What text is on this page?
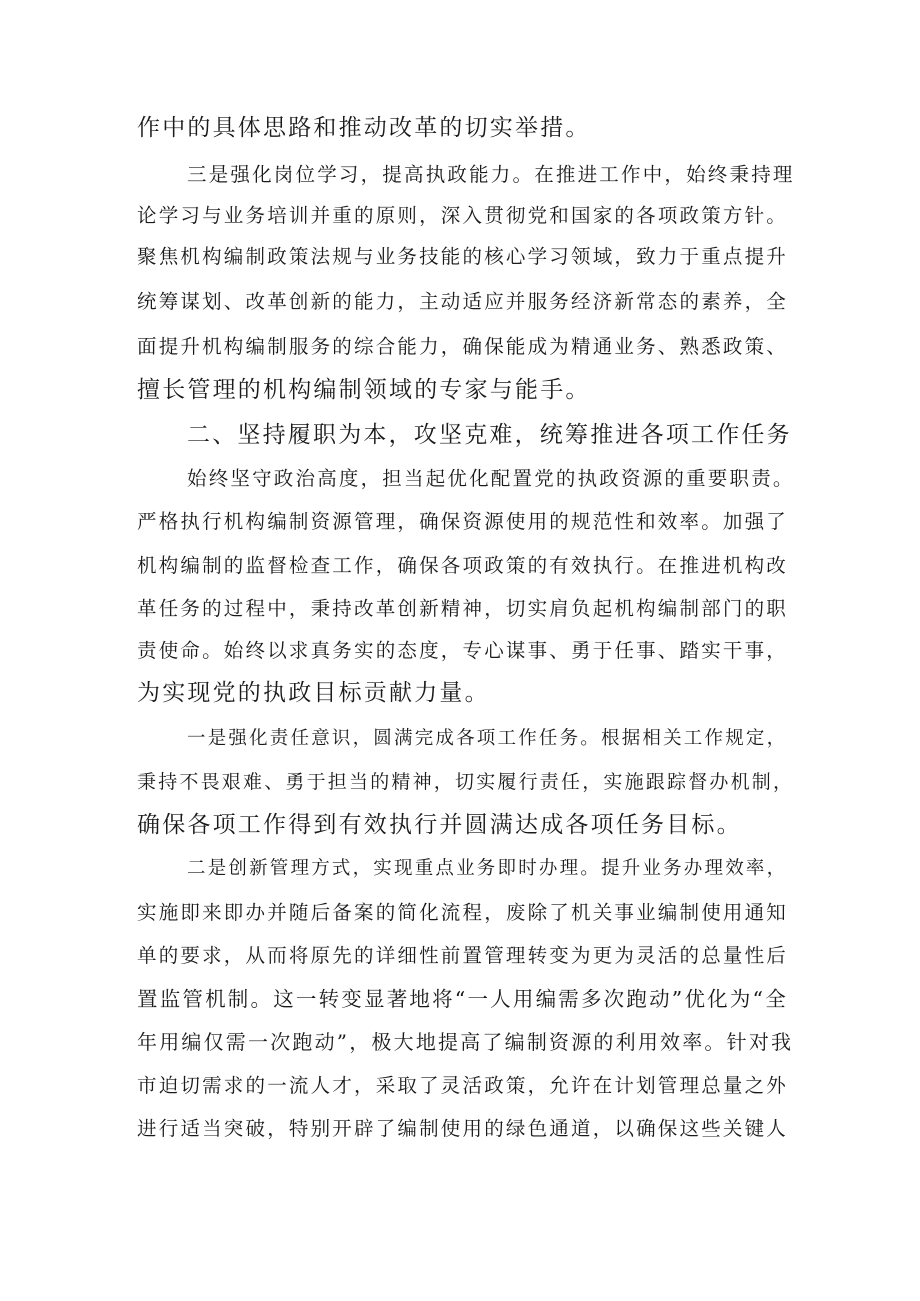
作中的具体思路和推动改革的切实举措。
三是强化岗位学习，提高执政能力。在推进工作中，始终秉持理
论学习与业务培训并重的原则，深入贯彻党和国家的各项政策方针。
聚焦机构编制政策法规与业务技能的核心学习领域，致力于重点提升
统筹谋划、改革创新的能力，主动适应并服务经济新常态的素养，全
面提升机构编制服务的综合能力，确保能成为精通业务、熟悉政策、
擅长管理的机构编制领域的专家与能手。
二、坚持履职为本，攻坚克难，统筹推进各项工作任务
始终坚守政治高度，担当起优化配置党的执政资源的重要职责。
严格执行机构编制资源管理，确保资源使用的规范性和效率。加强了
机构编制的监督检查工作，确保各项政策的有效执行。在推进机构改
革任务的过程中，秉持改革创新精神，切实肩负起机构编制部门的职
责使命。始终以求真务实的态度，专心谋事、勇于任事、踏实干事，
为实现党的执政目标贡献力量。
一是强化责任意识，圆满完成各项工作任务。根据相关工作规定，
秉持不畏艰难、勇于担当的精神，切实履行责任，实施跟踪督办机制，
确保各项工作得到有效执行并圆满达成各项任务目标。
二是创新管理方式，实现重点业务即时办理。提升业务办理效率，
实施即来即办并随后备案的简化流程，废除了机关事业编制使用通知
单的要求，从而将原先的详细性前置管理转变为更为灵活的总量性后
置监管机制。这一转变显著地将“一人用编需多次跑动”优化为“全
年用编仅需一次跑动”，极大地提高了编制资源的利用效率。针对我
市迫切需求的一流人才，采取了灵活政策，允许在计划管理总量之外
进行适当突破，特别开辟了编制使用的绿色通道，以确保这些关键人
